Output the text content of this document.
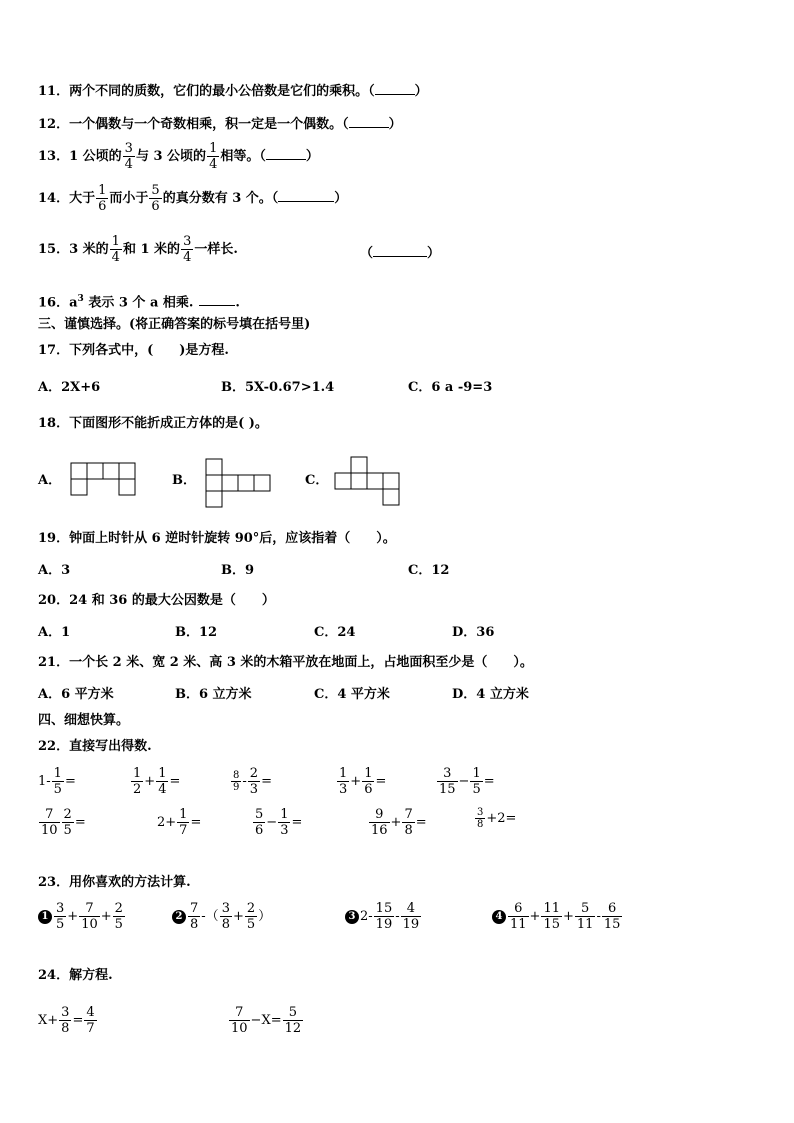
11．两个不同的质数，它们的最小公倍数是它们的乘积。（	）
12．一个偶数与一个奇数相乘，积一定是一个偶数。（	）
13．1 公顷的 $\frac{3}{4}$ 与 3 公顷的 $\frac{1}{4}$ 相等。（	）
14．大于 $\frac{1}{6}$ 而小于 $\frac{5}{6}$ 的真分数有 3 个。（	）
15．3 米的 $\frac{1}{4}$ 和 1 米的 $\frac{3}{4}$ 一样长.	（	）
16．$a^3$ 表示 3 个 a 相乘.	.
三、谨慎选择。(将正确答案的标号填在括号里)
17．下列各式中，(　　)是方程.
A．2X+6	B．5X-0.67>1.4	C．6 a -9=3
18．下面图形不能折成正方体的是( )。
A．	B．	C．
19．钟面上时针从 6 逆时针旋转 90°后，应该指着（　　）。
A．3	B．9	C．12
20．24 和 36 的最大公因数是（　　）
A．1	B．12	C．24	D．36
21．一个长 2 米、宽 2 米、高 3 米的木箱平放在地面上，占地面积至少是（　　）。
A．6 平方米	B．6 立方米	C．4 平方米	D．4 立方米
四、细想快算。
22．直接写出得数.
$1- \frac{1}{5}$ =	$\frac{1}{2} + \frac{1}{4}$ =	$\frac{8}{9} - \frac{2}{3}$ =	$\frac{1}{3} + \frac{1}{6}$ =	$\frac{3}{15} - \frac{1}{5}$ =
$\frac{7}{10} \frac{2}{5}$ =	$2+ \frac{1}{7}$ =	$\frac{5}{6} - \frac{1}{3}$ =	$\frac{9}{16} + \frac{7}{8}$ =	$\frac{3}{8} +2=$
23．用你喜欢的方法计算.
$1 \frac{3}{5} + \frac{7}{10} + \frac{2}{5}$	$2 \frac{7}{8}$ -（ $\frac{3}{8} + \frac{2}{5}$ ）	3 $2- \frac{15}{19} - \frac{4}{19}$	$4 \frac{6}{11} + \frac{11}{15} + \frac{5}{11} - \frac{6}{15}$
24．解方程.
$X+ \frac{3}{8} = \frac{4}{7}$	$\frac{7}{10} -X= \frac{5}{12}$
